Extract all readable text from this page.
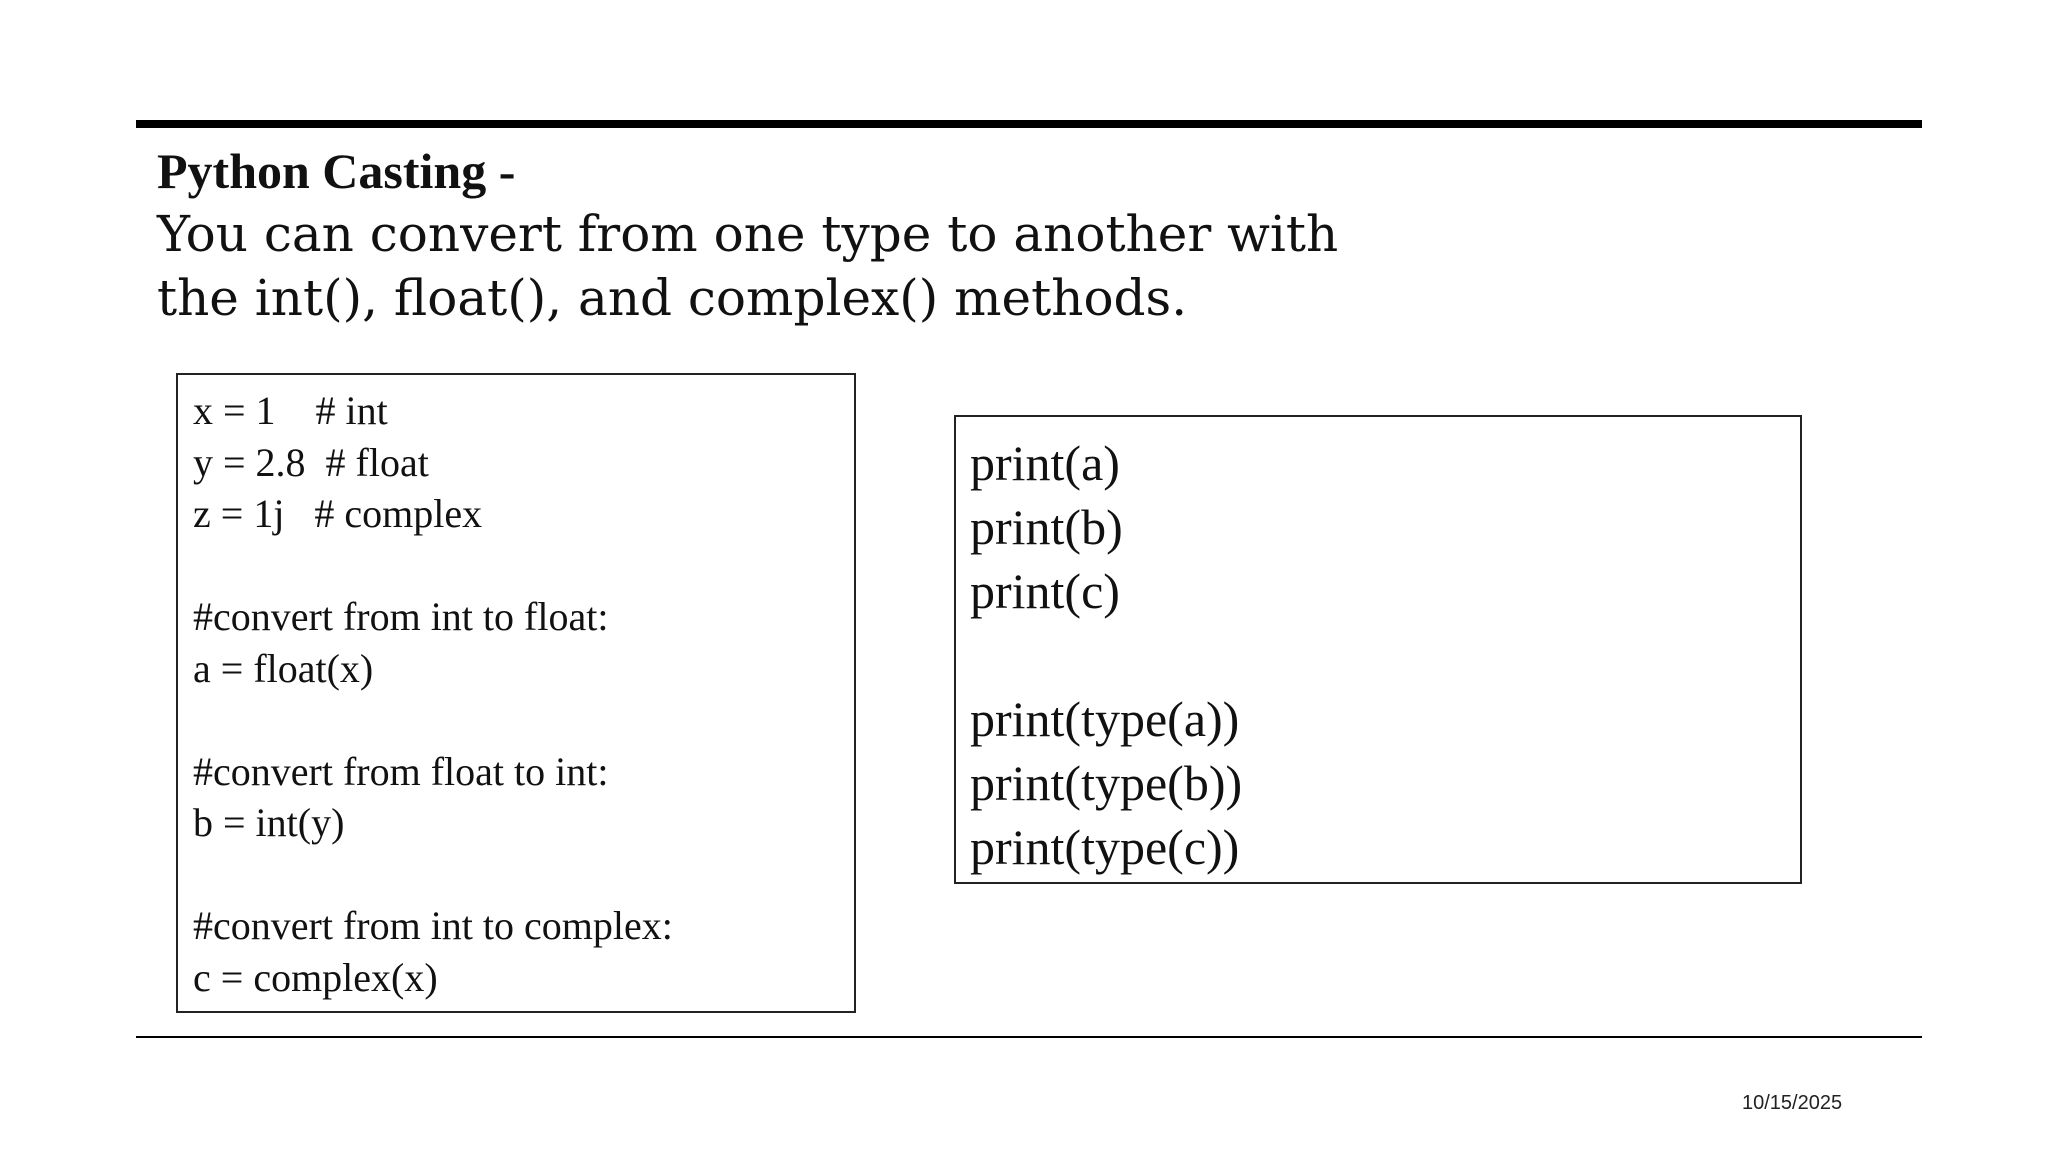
Python Casting -
You can convert from one type to another with
the int(), float(), and complex() methods.
x = 1    # int
y = 2.8  # float
z = 1j   # complex

#convert from int to float:
a = float(x)

#convert from float to int:
b = int(y)

#convert from int to complex:
c = complex(x)
print(a)
print(b)
print(c)

print(type(a))
print(type(b))
print(type(c))
10/15/2025
